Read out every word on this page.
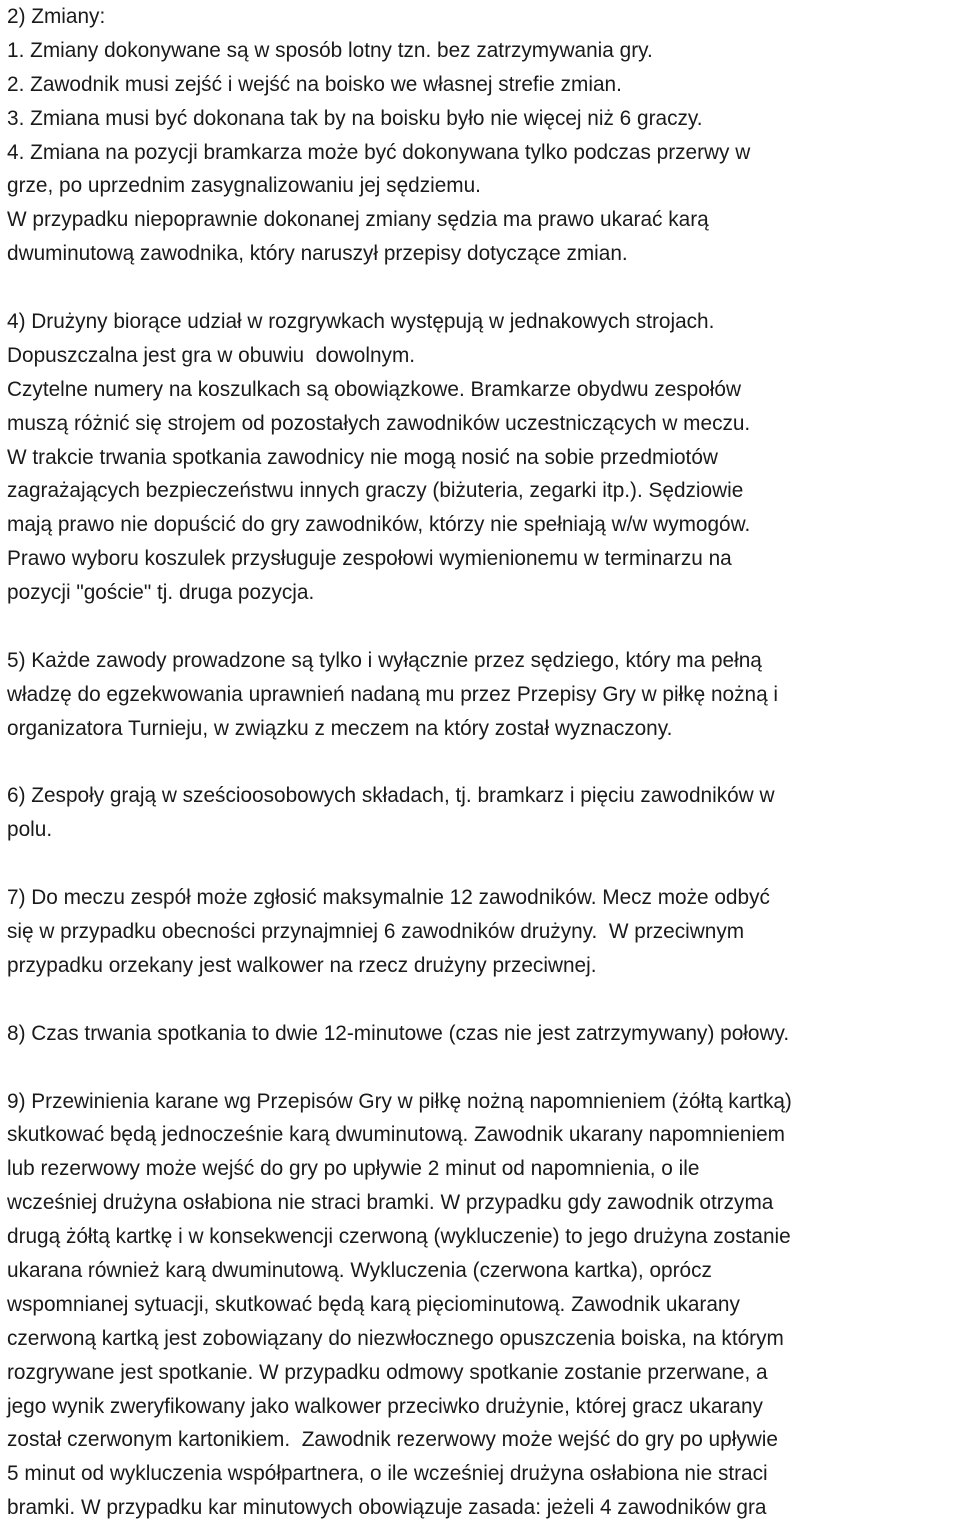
2) Zmiany:
1. Zmiany dokonywane są w sposób lotny tzn. bez zatrzymywania gry.
2. Zawodnik musi zejść i wejść na boisko we własnej strefie zmian.
3. Zmiana musi być dokonana tak by na boisku było nie więcej niż 6 graczy.
4. Zmiana na pozycji bramkarza może być dokonywana tylko podczas przerwy w
grze, po uprzednim zasygnalizowaniu jej sędziemu.
W przypadku niepoprawnie dokonanej zmiany sędzia ma prawo ukarać karą
dwuminutową zawodnika, który naruszył przepisy dotyczące zmian.
4) Drużyny biorące udział w rozgrywkach występują w jednakowych strojach.
Dopuszczalna jest gra w obuwiu  dowolnym.
Czytelne numery na koszulkach są obowiązkowe. Bramkarze obydwu zespołów
muszą różnić się strojem od pozostałych zawodników uczestniczących w meczu.
W trakcie trwania spotkania zawodnicy nie mogą nosić na sobie przedmiotów
zagrażających bezpieczeństwu innych graczy (biżuteria, zegarki itp.). Sędziowie
mają prawo nie dopuścić do gry zawodników, którzy nie spełniają w/w wymogów.
Prawo wyboru koszulek przysługuje zespołowi wymienionemu w terminarzu na
pozycji "goście" tj. druga pozycja.
5) Każde zawody prowadzone są tylko i wyłącznie przez sędziego, który ma pełną
władzę do egzekwowania uprawnień nadaną mu przez Przepisy Gry w piłkę nożną i
organizatora Turnieju, w związku z meczem na który został wyznaczony.
6) Zespoły grają w sześcioosobowych składach, tj. bramkarz i pięciu zawodników w
polu.
7) Do meczu zespół może zgłosić maksymalnie 12 zawodników. Mecz może odbyć
się w przypadku obecności przynajmniej 6 zawodników drużyny.  W przeciwnym
przypadku orzekany jest walkower na rzecz drużyny przeciwnej.
8) Czas trwania spotkania to dwie 12-minutowe (czas nie jest zatrzymywany) połowy.
9) Przewinienia karane wg Przepisów Gry w piłkę nożną napomnieniem (żółtą kartką)
skutkować będą jednocześnie karą dwuminutową. Zawodnik ukarany napomnieniem
lub rezerwowy może wejść do gry po upływie 2 minut od napomnienia, o ile
wcześniej drużyna osłabiona nie straci bramki. W przypadku gdy zawodnik otrzyma
drugą żółtą kartkę i w konsekwencji czerwoną (wykluczenie) to jego drużyna zostanie
ukarana również karą dwuminutową. Wykluczenia (czerwona kartka), oprócz
wspomnianej sytuacji, skutkować będą karą pięciominutową. Zawodnik ukarany
czerwoną kartką jest zobowiązany do niezwłocznego opuszczenia boiska, na którym
rozgrywane jest spotkanie. W przypadku odmowy spotkanie zostanie przerwane, a
jego wynik zweryfikowany jako walkower przeciwko drużynie, której gracz ukarany
został czerwonym kartonikiem.  Zawodnik rezerwowy może wejść do gry po upływie
5 minut od wykluczenia współpartnera, o ile wcześniej drużyna osłabiona nie straci
bramki. W przypadku kar minutowych obowiązuje zasada: jeżeli 4 zawodników gra
